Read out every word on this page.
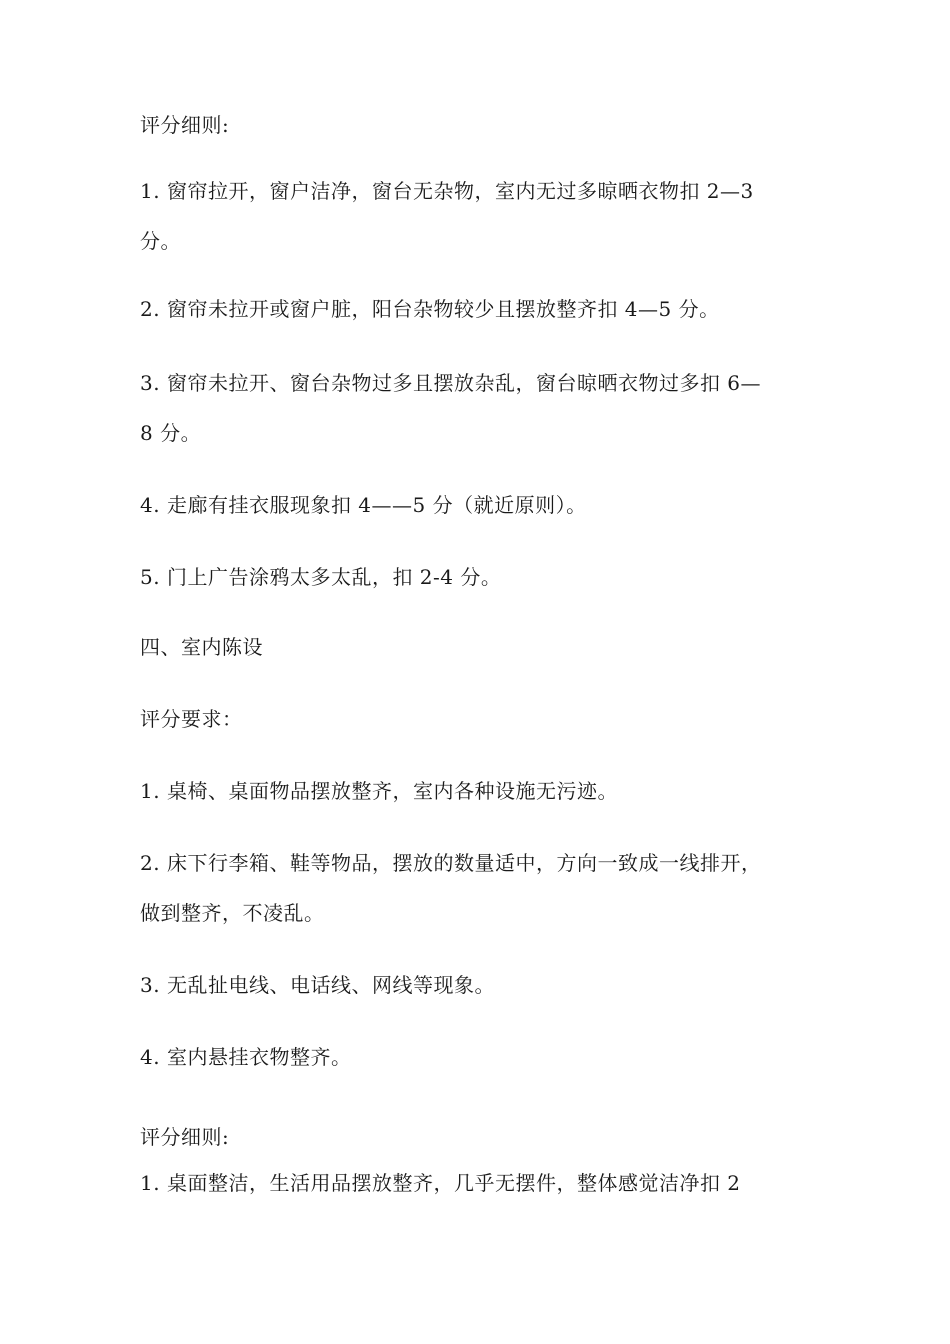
评分细则:
1. 窗帘拉开，窗户洁净，窗台无杂物，室内无过多晾晒衣物扣 2—3
分。
2. 窗帘未拉开或窗户脏，阳台杂物较少且摆放整齐扣 4—5 分。
3. 窗帘未拉开、窗台杂物过多且摆放杂乱，窗台晾晒衣物过多扣 6—
8 分。
4. 走廊有挂衣服现象扣 4——5 分（就近原则）。
5. 门上广告涂鸦太多太乱，扣 2-4 分。
四、室内陈设
评分要求：
1. 桌椅、桌面物品摆放整齐，室内各种设施无污迹。
2. 床下行李箱、鞋等物品，摆放的数量适中，方向一致成一线排开，
做到整齐，不凌乱。
3. 无乱扯电线、电话线、网线等现象。
4. 室内悬挂衣物整齐。
评分细则:
1. 桌面整洁，生活用品摆放整齐，几乎无摆件，整体感觉洁净扣 2
